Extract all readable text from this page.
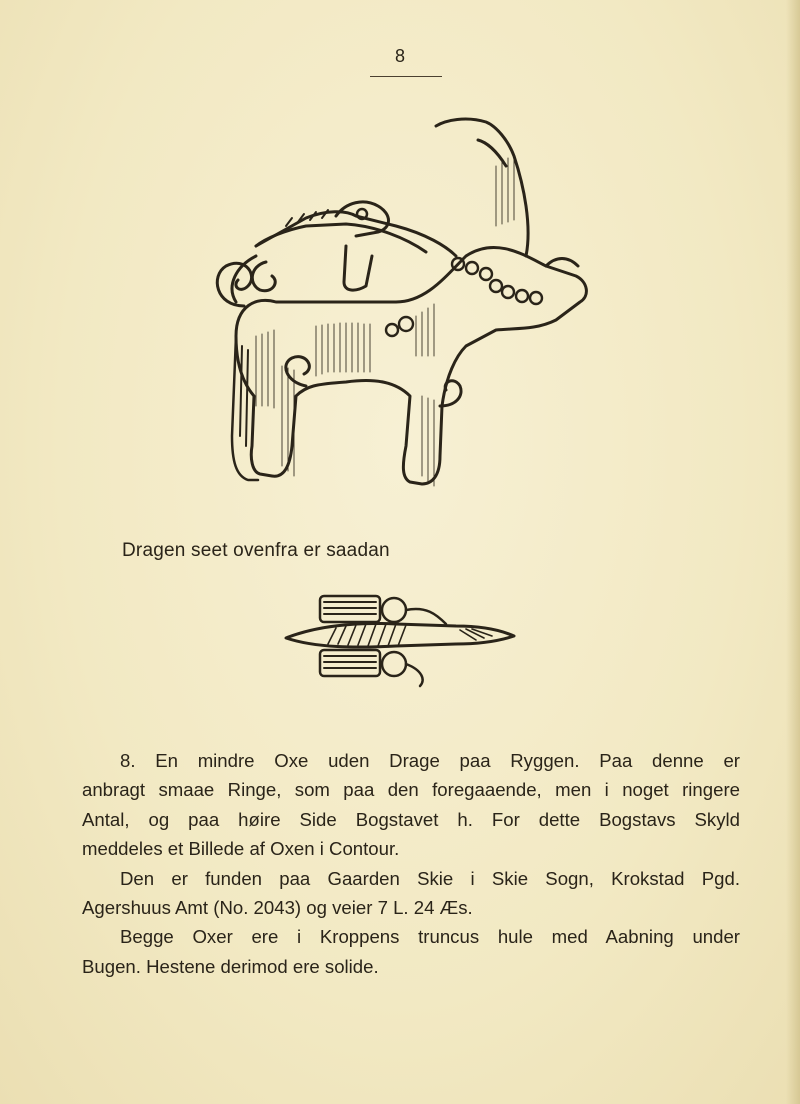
8
Dragen seet ovenfra er saadan

8. En mindre Oxe uden Drage paa Ryggen. Paa denne er
anbragt smaae Ringe, som paa den foregaaende, men i noget ringere
Antal, og paa høire Side Bogstavet h. For dette Bogstavs Skyld
meddeles et Billede af Oxen i Contour.

Den er funden paa Gaarden Skie i Skie Sogn, Krokstad Pgd.
Agershuus Amt (No. 2043) og veier 7 L. 24 Æs.

Begge Oxer ere i Kroppens truncus hule med Aabning under
Bugen. Hestene derimod ere solide.
